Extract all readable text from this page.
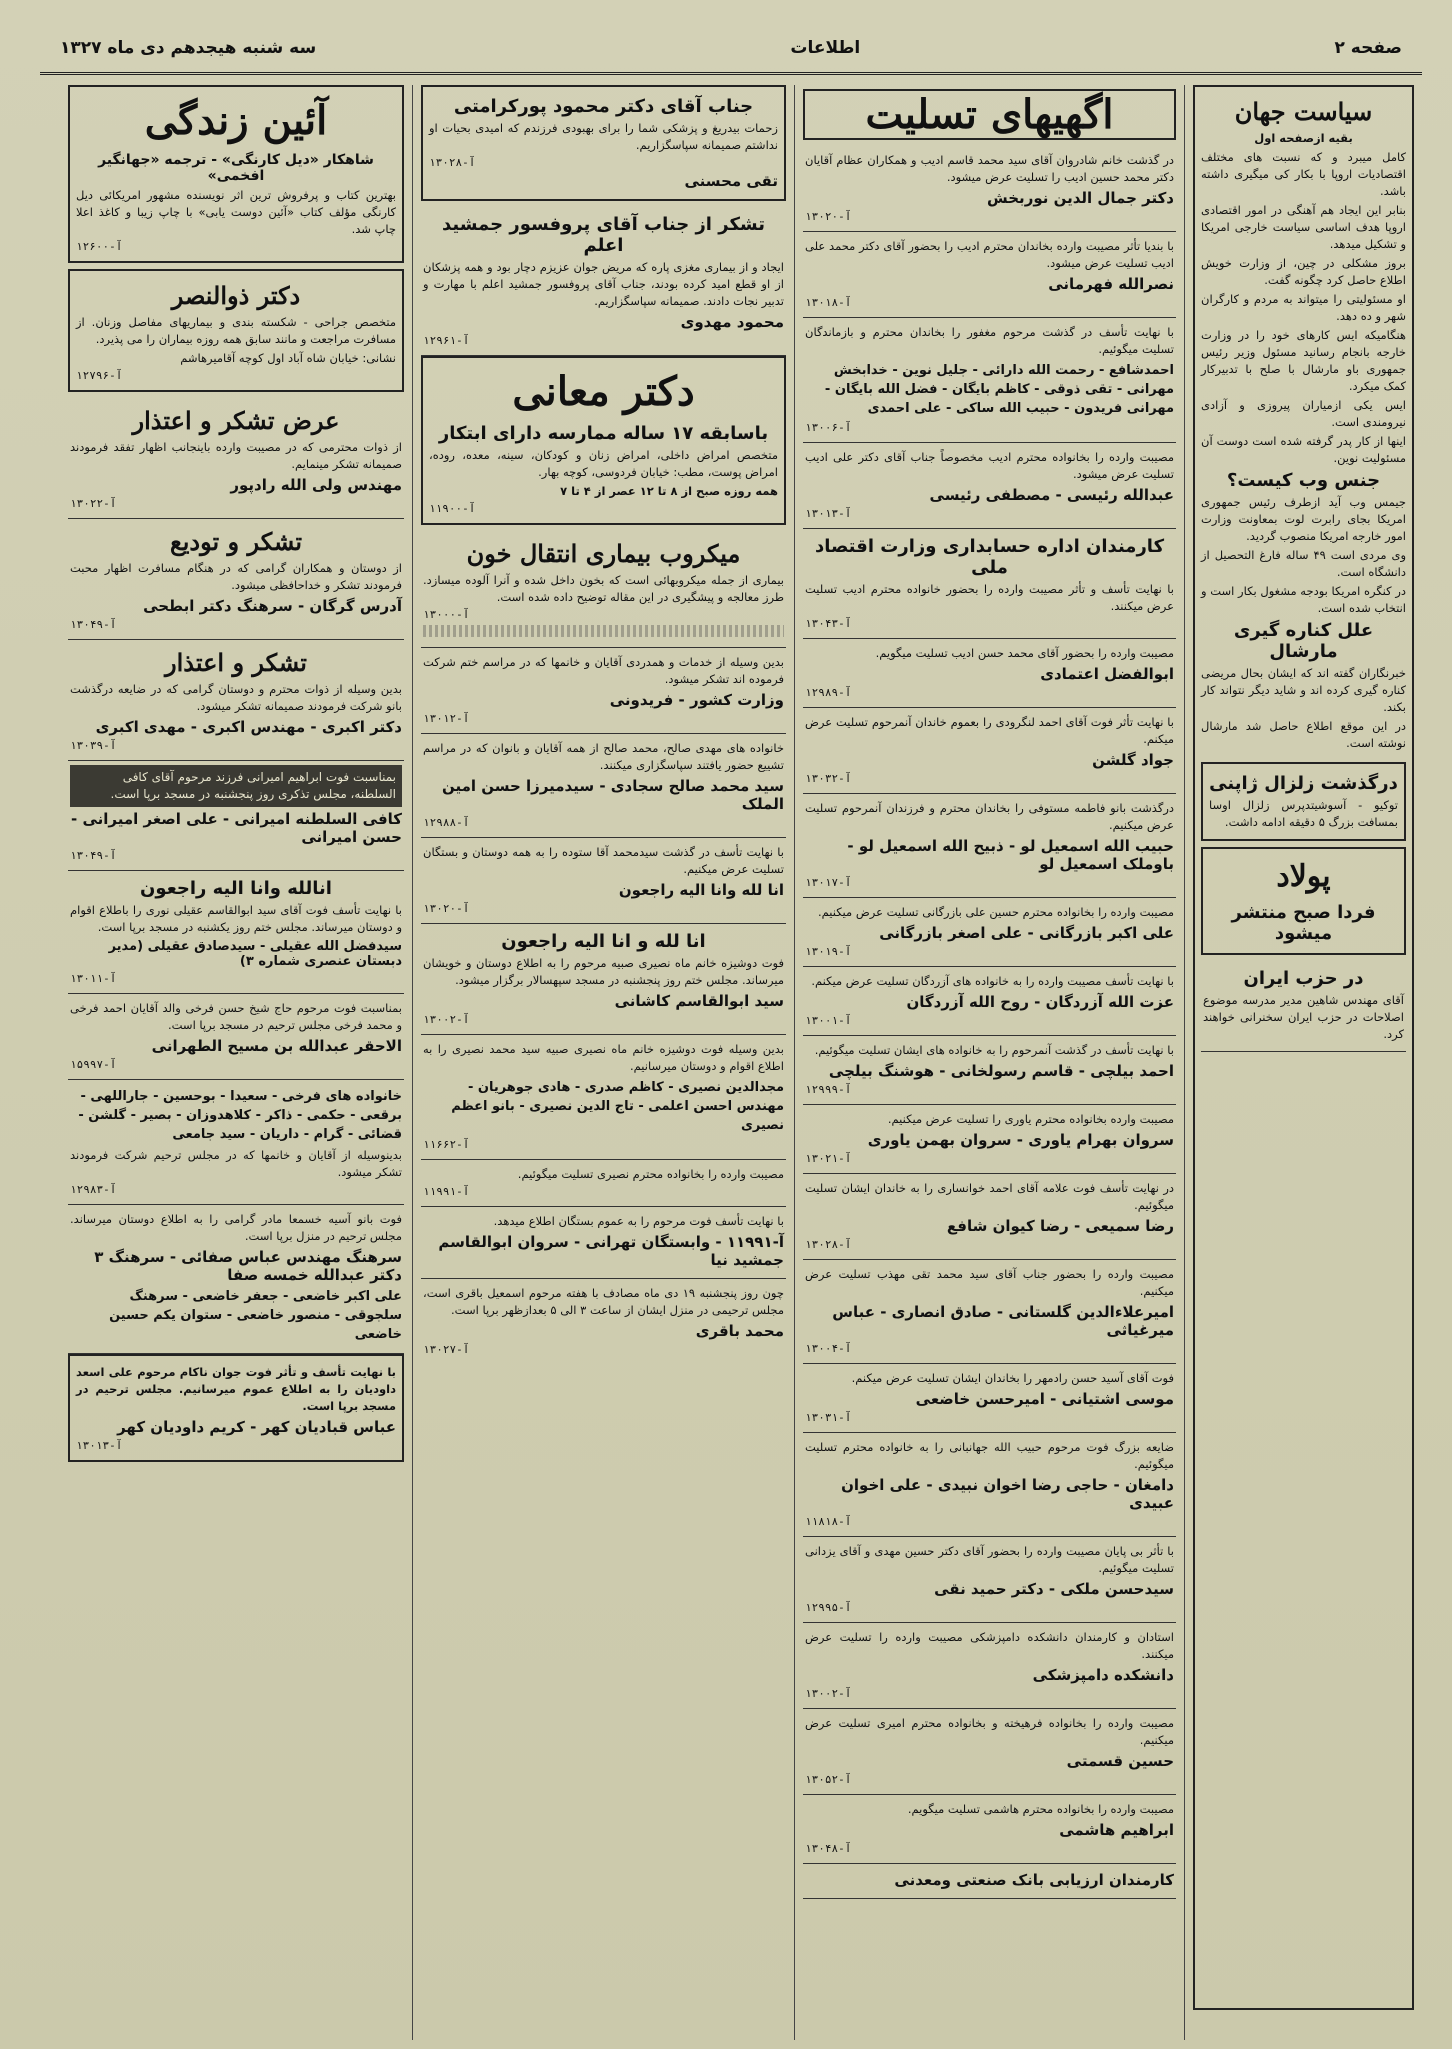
صفحه ۲
اطلاعات
سه شنبه هیجدهم دی ماه ۱۳۲۷
سیاست جهان
بقیه ازصفحه اول
کامل میبرد و که نسبت های مختلف اقتصادیات اروپا با بکار کی میگیری داشته باشد.
بنابر این ایجاد هم آهنگی در امور اقتصادی اروپا هدف اساسی سیاست خارجی امریکا و تشکیل میدهد.
بروز مشکلی در چین، از وزارت خویش اطلاع حاصل کرد چگونه گفت.
او مسئولیتی را میتواند به مردم و کارگران شهر و ده دهد.
هنگامیکه ایس کارهای خود را در وزارت خارجه بانجام رسانید مسئول وزیر رئیس جمهوری باو مارشال با صلح با تدبیرکار کمک میکرد.
ایس یکی ازمیاران پیروزی و آزادی نیرومندی است.
اینها از کار پدر گرفته شده است دوست آن مسئولیت نوین.
جنس وب کیست؟
جیمس وب آید ازطرف رئیس جمهوری امریکا بجای رابرت لوت بمعاونت وزارت امور خارجه امریکا منصوب گردید.
وی مردی است ۴۹ ساله فارغ التحصیل از دانشگاه است.
در کنگره امریکا بودجه مشغول بکار است و انتخاب شده است.
علل کناره گیری مارشال
خبرنگاران گفته اند که ایشان بحال مریضی کناره گیری کرده اند و شاید دیگر نتواند کار بکند.
در این موقع اطلاع حاصل شد مارشال نوشته است.
درگذشت زلزال ژاپنی
توکیو - آسوشیتدپرس زلزال اوسا بمسافت بزرگ ۵ دقیقه ادامه داشت.
پولاد
فردا صبح منتشر میشود
در حزب ایران
آقای مهندس شاهین مدیر مدرسه موضوع اصلاحات در حزب ایران سخنرانی خواهند کرد.
اگهیهای تسلیت
در گذشت خانم شادروان آقای سید محمد قاسم ادیب و همکاران عظام آقایان دکتر محمد حسین ادیب را تسلیت عرض میشود.
دکتر جمال الدین نوربخش
آ-۱۳۰۲۰
با بندیا تأثر مصیبت وارده بخاندان محترم ادیب را بحضور آقای دکتر محمد علی ادیب تسلیت عرض میشود.
نصرالله فهرمانی
آ-۱۳۰۱۸
با نهایت تأسف در گذشت مرحوم مغفور را بخاندان محترم و بازماندگان تسلیت میگوئیم.
احمدشافع - رحمت الله دارائی - جلیل نوین - خدابخش مهرانی - تقی ذوقی - کاظم بایگان - فضل الله بایگان - مهرانی فریدون - حبیب الله ساکی - علی احمدی
آ-۱۳۰۰۶
مصیبت وارده را بخانواده محترم ادیب مخصوصاً جناب آقای دکتر علی ادیب تسلیت عرض میشود.
عبدالله رئیسی - مصطفی رئیسی
آ-۱۳۰۱۳
کارمندان اداره حسابداری وزارت اقتصاد ملی
با نهایت تأسف و تأثر مصیبت وارده را بحضور خانواده محترم ادیب تسلیت عرض میکنند.
آ-۱۳۰۴۳
مصیبت وارده را بحضور آقای محمد حسن ادیب تسلیت میگویم.
ابوالفضل اعتمادی
آ-۱۲۹۸۹
با نهایت تأثر فوت آقای احمد لنگرودی را بعموم خاندان آنمرحوم تسلیت عرض میکنم.
جواد گلشن
آ-۱۳۰۳۲
درگذشت بانو فاطمه مستوفی را بخاندان محترم و فرزندان آنمرحوم تسلیت عرض میکنیم.
حبیب الله اسمعیل لو - ذبیح الله اسمعیل لو - باوملک اسمعیل لو
آ-۱۳۰۱۷
مصیبت وارده را بخانواده محترم حسین علی بازرگانی تسلیت عرض میکنیم.
علی اکبر بازرگانی - علی اصغر بازرگانی
آ-۱۳۰۱۹
با نهایت تأسف مصیبت وارده را به خانواده های آزردگان تسلیت عرض میکنم.
عزت الله آزردگان - روح الله آزردگان
آ-۱۳۰۰۱
با نهایت تأسف در گذشت آنمرحوم را به خانواده های ایشان تسلیت میگوئیم.
احمد بیلچی - قاسم رسولخانی - هوشنگ بیلچی
آ-۱۲۹۹۹
مصیبت وارده بخانواده محترم یاوری را تسلیت عرض میکنیم.
سروان بهرام یاوری - سروان بهمن یاوری
آ-۱۳۰۲۱
در نهایت تأسف فوت علامه آقای احمد خوانساری را به خاندان ایشان تسلیت میگوئیم.
رضا سمیعی - رضا کیوان شافع
آ-۱۳۰۲۸
مصیبت وارده را بحضور جناب آقای سید محمد تقی مهذب تسلیت عرض میکنیم.
امیرعلاءالدین گلستانی - صادق انصاری - عباس میرغیاثی
آ-۱۳۰۰۴
فوت آقای آسید حسن رادمهر را بخاندان ایشان تسلیت عرض میکنم.
موسی اشتیانی - امیرحسن خاضعی
آ-۱۳۰۳۱
ضایعه بزرگ فوت مرحوم حبیب الله جهانبانی را به خانواده محترم تسلیت میگوئیم.
دامغان - حاجی رضا اخوان نبیدی - علی اخوان عبیدی
آ-۱۱۸۱۸
با تأثر بی پایان مصیبت وارده را بحضور آقای دکتر حسین مهدی و آقای یزدانی تسلیت میگوئیم.
سیدحسن ملکی - دکتر حمید نقی
آ-۱۲۹۹۵
استادان و کارمندان دانشکده دامپزشکی مصیبت وارده را تسلیت عرض میکنند.
دانشکده دامپزشکی
آ-۱۳۰۰۲
مصیبت وارده را بخانواده فرهیخته و بخانواده محترم امیری تسلیت عرض میکنیم.
حسین قسمتی
آ-۱۳۰۵۲
مصیبت وارده را بخانواده محترم هاشمی تسلیت میگویم.
ابراهیم هاشمی
آ-۱۳۰۴۸
کارمندان ارزیابی بانک صنعتی ومعدنی
جناب آقای دکتر محمود پورکرامتی
زحمات بیدریغ و پزشکی شما را برای بهبودی فرزندم که امیدی بحیات او نداشتم صمیمانه سپاسگزاریم.
آ-۱۳۰۲۸
تقی محسنی
تشکر از جناب آقای پروفسور جمشید اعلم
ایجاد و از بیماری مغزی پاره که مریض جوان عزیزم دچار بود و همه پزشکان از او قطع امید کرده بودند، جناب آقای پروفسور جمشید اعلم با مهارت و تدبیر نجات دادند. صمیمانه سپاسگزاریم.
محمود مهدوی
آ-۱۲۹۶۱
دکتر معانی
باسابقه ۱۷ ساله ممارسه دارای ابتکار
متخصص امراض داخلی، امراض زنان و کودکان، سینه، معده، روده، امراض پوست، مطب: خیابان فردوسی، کوچه بهار.
همه روزه صبح از ۸ تا ۱۲ عصر از ۴ تا ۷
آ-۱۱۹۰۰
میکروب بیماری انتقال خون
بیماری از جمله میکروبهائی است که بخون داخل شده و آنرا آلوده میسازد. طرز معالجه و پیشگیری در این مقاله توضیح داده شده است.
آ-۱۳۰۰۰
بدین وسیله از خدمات و همدردی آقایان و خانمها که در مراسم ختم شرکت فرموده اند تشکر میشود.
وزارت کشور - فریدونی
آ-۱۳۰۱۲
خانواده های مهدی صالح، محمد صالح از همه آقایان و بانوان که در مراسم تشییع حضور یافتند سپاسگزاری میکنند.
سید محمد صالح سجادی - سیدمیرزا حسن امین الملک
آ-۱۲۹۸۸
با نهایت تأسف در گذشت سیدمحمد آقا ستوده را به همه دوستان و بستگان تسلیت عرض میکنیم.
انا لله وانا الیه راجعون
آ-۱۳۰۲۰
انا لله و انا الیه راجعون
فوت دوشیزه خانم ماه نصیری صبیه مرحوم را به اطلاع دوستان و خویشان میرساند. مجلس ختم روز پنجشنبه در مسجد سپهسالار برگزار میشود.
سید ابوالقاسم کاشانی
آ-۱۳۰۰۲
بدین وسیله فوت دوشیزه خانم ماه نصیری صبیه سید محمد نصیری را به اطلاع اقوام و دوستان میرسانیم.
مجدالدین نصیری - کاظم صدری - هادی جوهریان - مهندس احسن اعلمی - تاج الدین نصیری - بانو اعظم نصیری
آ-۱۱۶۶۲
مصیبت وارده را بخانواده محترم نصیری تسلیت میگوئیم.
آ-۱۱۹۹۱
با نهایت تأسف فوت مرحوم را به عموم بستگان اطلاع میدهد.
آ-۱۱۹۹۱ - وابستگان تهرانی - سروان ابوالقاسم جمشید نیا
چون روز پنجشنبه ۱۹ دی ماه مصادف با هفته مرحوم اسمعیل باقری است، مجلس ترحیمی در منزل ایشان از ساعت ۳ الی ۵ بعدازظهر برپا است.
محمد باقری
آ-۱۳۰۲۷
آئین زندگی
شاهکار «دیل کارنگی» - ترجمه «جهانگیر افخمی»
بهترین کتاب و پرفروش ترین اثر نویسنده مشهور امریکائی دیل کارنگی مؤلف کتاب «آئین دوست یابی» با چاپ زیبا و کاغذ اعلا چاپ شد.
آ-۱۲۶۰۰
دکتر ذوالنصر
متخصص جراحی - شکسته بندی و بیماریهای مفاصل وزنان. از مسافرت مراجعت و مانند سابق همه روزه بیماران را می پذیرد.
نشانی: خیابان شاه آباد اول کوچه آقامیرهاشم
آ-۱۲۷۹۶
عرض تشکر و اعتذار
از ذوات محترمی که در مصیبت وارده باینجانب اظهار تفقد فرمودند صمیمانه تشکر مینمایم.
مهندس ولی الله رادپور
آ-۱۳۰۲۲
تشکر و تودیع
از دوستان و همکاران گرامی که در هنگام مسافرت اظهار محبت فرمودند تشکر و خداحافظی میشود.
آدرس گرگان - سرهنگ دکتر ابطحی
آ-۱۳۰۴۹
تشکر و اعتذار
بدین وسیله از ذوات محترم و دوستان گرامی که در ضایعه درگذشت بانو شرکت فرمودند صمیمانه تشکر میشود.
دکتر اکبری - مهندس اکبری - مهدی اکبری
آ-۱۳۰۳۹
بمناسبت فوت ابراهیم امیرانی فرزند مرحوم آقای کافی السلطنه، مجلس تذکری روز پنجشنبه در مسجد برپا است.
کافی السلطنه امیرانی - علی اصغر امیرانی - حسن امیرانی
آ-۱۳۰۴۹
انالله وانا الیه راجعون
با نهایت تأسف فوت آقای سید ابوالقاسم عقیلی نوری را باطلاع اقوام و دوستان میرساند. مجلس ختم روز یکشنبه در مسجد برپا است.
سیدفضل الله عقیلی - سیدصادق عقیلی (مدیر دبستان عنصری شماره ۳)
آ-۱۳۰۱۱
بمناسبت فوت مرحوم حاج شیخ حسن فرخی والد آقایان احمد فرخی و محمد فرخی مجلس ترحیم در مسجد برپا است.
الاحقر عبدالله بن مسیح الطهرانی
آ-۱۵۹۹۷
خانواده های فرخی - سعیدا - بوحسین - جاراللهی - برقعی - حکمی - ذاکر - کلاهدوزان - بصیر - گلشن - قضائی - گرام - داریان - سید جامعی
بدینوسیله از آقایان و خانمها که در مجلس ترحیم شرکت فرمودند تشکر میشود.
آ-۱۲۹۸۳
فوت بانو آسیه خسمعا مادر گرامی را به اطلاع دوستان میرساند. مجلس ترحیم در منزل برپا است.
سرهنگ مهندس عباس صفائی - سرهنگ ۳ دکتر عبدالله خمسه صفا
علی اکبر خاضعی - جعفر خاضعی - سرهنگ سلجوقی - منصور خاضعی - ستوان یکم حسین خاضعی
با نهایت تأسف و تأثر فوت جوان ناکام مرحوم علی اسعد داودیان را به اطلاع عموم میرسانیم. مجلس ترحیم در مسجد برپا است.
عباس قبادیان کهر - کریم داودیان کهر
آ-۱۳۰۱۳
